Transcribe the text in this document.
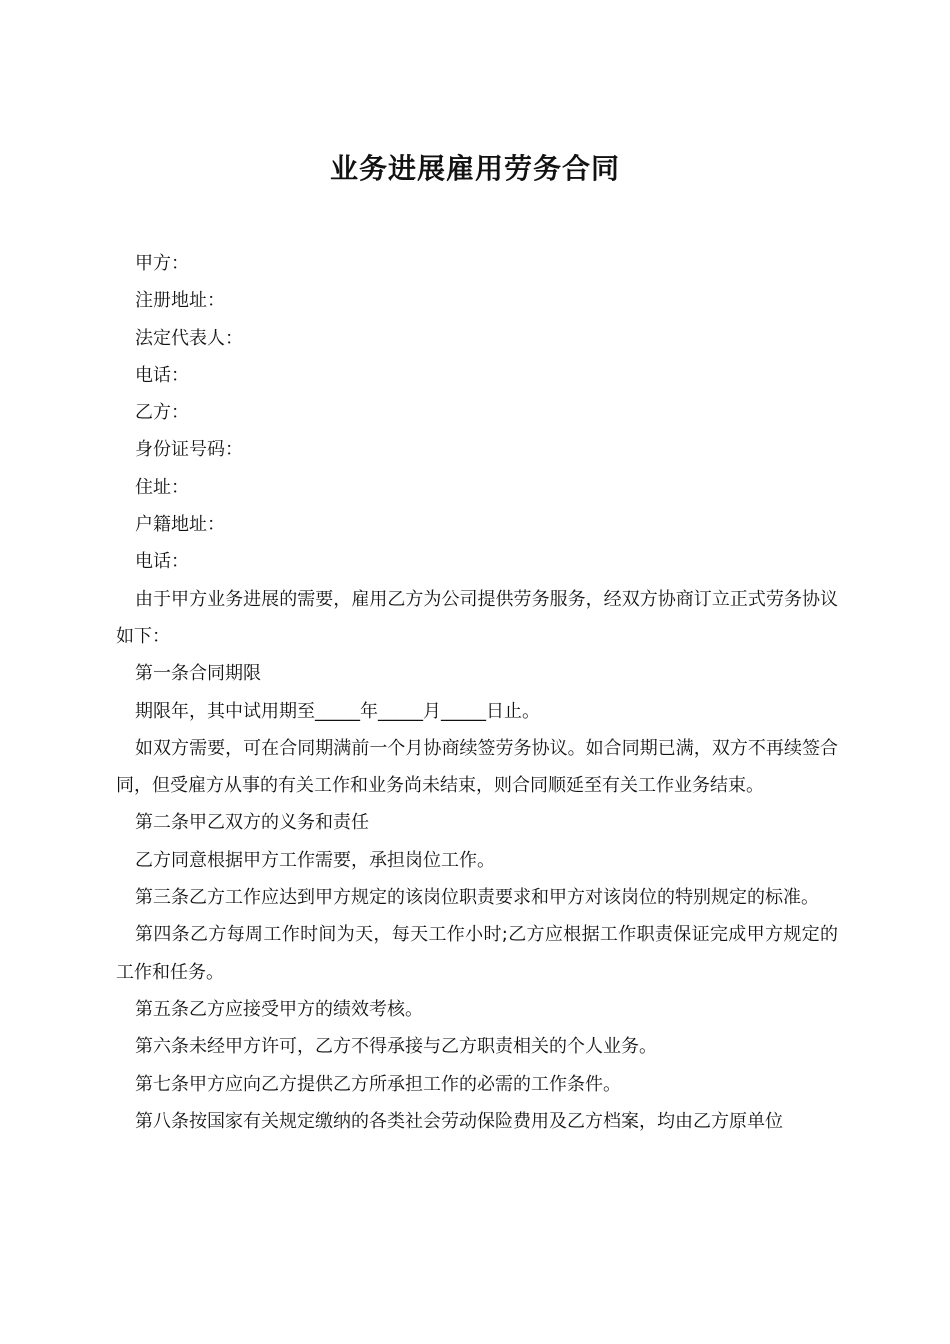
业务进展雇用劳务合同

甲方：

注册地址：

法定代表人：

电话：

乙方：

身份证号码：

住址：

户籍地址：

电话：

由于甲方业务进展的需要，雇用乙方为公司提供劳务服务，经双方协商订立正式劳务协议如下：

第一条合同期限

期限年，其中试用期至_____年_____月_____日止。

如双方需要，可在合同期满前一个月协商续签劳务协议。如合同期已满，双方不再续签合同，但受雇方从事的有关工作和业务尚未结束，则合同顺延至有关工作业务结束。

第二条甲乙双方的义务和责任

乙方同意根据甲方工作需要，承担岗位工作。

第三条乙方工作应达到甲方规定的该岗位职责要求和甲方对该岗位的特别规定的标准。

第四条乙方每周工作时间为天，每天工作小时;乙方应根据工作职责保证完成甲方规定的工作和任务。

第五条乙方应接受甲方的绩效考核。

第六条未经甲方许可，乙方不得承接与乙方职责相关的个人业务。

第七条甲方应向乙方提供乙方所承担工作的必需的工作条件。

第八条按国家有关规定缴纳的各类社会劳动保险费用及乙方档案，均由乙方原单位
